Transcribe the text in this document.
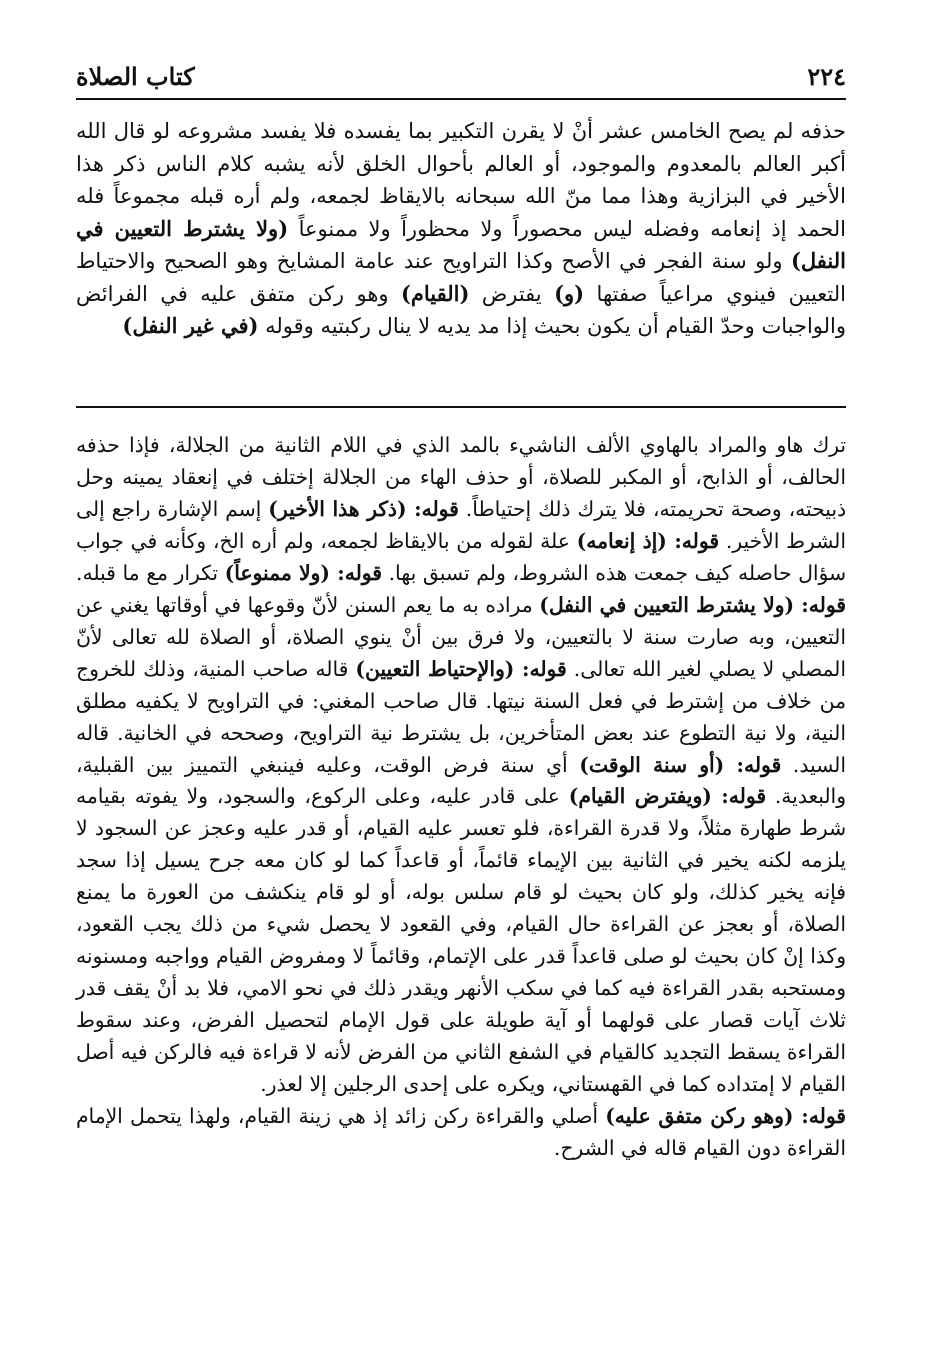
٢٢٤
كتاب الصلاة

حذفه لم يصح الخامس عشر أنْ لا يقرن التكبير بما يفسده فلا يفسد مشروعه لو قال الله أكبر العالم بالمعدوم والموجود، أو العالم بأحوال الخلق لأنه يشبه كلام الناس ذكر هذا الأخير في البزازية وهذا مما منّ الله سبحانه بالايقاظ لجمعه، ولم أره قبله مجموعاً فله الحمد إذ إنعامه وفضله ليس محصوراً ولا محظوراً ولا ممنوعاً (ولا يشترط التعيين في النفل) ولو سنة الفجر في الأصح وكذا التراويح عند عامة المشايخ وهو الصحيح والاحتياط التعيين فينوي مراعياً صفتها (و) يفترض (القيام) وهو ركن متفق عليه في الفرائض والواجبات وحدّ القيام أن يكون بحيث إذا مد يديه لا ينال ركبتيه وقوله (في غير النفل)

ترك هاو والمراد بالهاوي الألف الناشيء بالمد الذي في اللام الثانية من الجلالة، فإذا حذفه الحالف، أو الذابح، أو المكبر للصلاة، أو حذف الهاء من الجلالة إختلف في إنعقاد يمينه وحل ذبيحته، وصحة تحريمته، فلا يترك ذلك إحتياطاً. قوله: (ذكر هذا الأخير) إسم الإشارة راجع إلى الشرط الأخير. قوله: (إذ إنعامه) علة لقوله من بالايقاظ لجمعه، ولم أره الخ، وكأنه في جواب سؤال حاصله كيف جمعت هذه الشروط، ولم تسبق بها. قوله: (ولا ممنوعاً) تكرار مع ما قبله. قوله: (ولا يشترط التعيين في النفل) مراده به ما يعم السنن لأنّ وقوعها في أوقاتها يغني عن التعيين، وبه صارت سنة لا بالتعيين، ولا فرق بين أنْ ينوي الصلاة، أو الصلاة لله تعالى لأنّ المصلي لا يصلي لغير الله تعالى. قوله: (والإحتياط التعيين) قاله صاحب المنية، وذلك للخروج من خلاف من إشترط في فعل السنة نيتها. قال صاحب المغني: في التراويح لا يكفيه مطلق النية، ولا نية التطوع عند بعض المتأخرين، بل يشترط نية التراويح، وصححه في الخانية. قاله السيد. قوله: (أو سنة الوقت) أي سنة فرض الوقت، وعليه فينبغي التمييز بين القبلية، والبعدية. قوله: (ويفترض القيام) على قادر عليه، وعلى الركوع، والسجود، ولا يفوته بقيامه شرط طهارة مثلاً، ولا قدرة القراءة، فلو تعسر عليه القيام، أو قدر عليه وعجز عن السجود لا يلزمه لكنه يخير في الثانية بين الإيماء قائماً، أو قاعداً كما لو كان معه جرح يسيل إذا سجد فإنه يخير كذلك، ولو كان بحيث لو قام سلس بوله، أو لو قام ينكشف من العورة ما يمنع الصلاة، أو بعجز عن القراءة حال القيام، وفي القعود لا يحصل شيء من ذلك يجب القعود، وكذا إنْ كان بحيث لو صلى قاعداً قدر على الإتمام، وقائماً لا ومفروض القيام وواجبه ومسنونه ومستحبه بقدر القراءة فيه كما في سكب الأنهر ويقدر ذلك في نحو الامي، فلا بد أنْ يقف قدر ثلاث آيات قصار على قولهما أو آية طويلة على قول الإمام لتحصيل الفرض، وعند سقوط القراءة يسقط التجديد كالقيام في الشفع الثاني من الفرض لأنه لا قراءة فيه فالركن فيه أصل القيام لا إمتداده كما في القهستاني، ويكره على إحدى الرجلين إلا لعذر.

قوله: (وهو ركن متفق عليه) أصلي والقراءة ركن زائد إذ هي زينة القيام، ولهذا يتحمل الإمام القراءة دون القيام قاله في الشرح.
